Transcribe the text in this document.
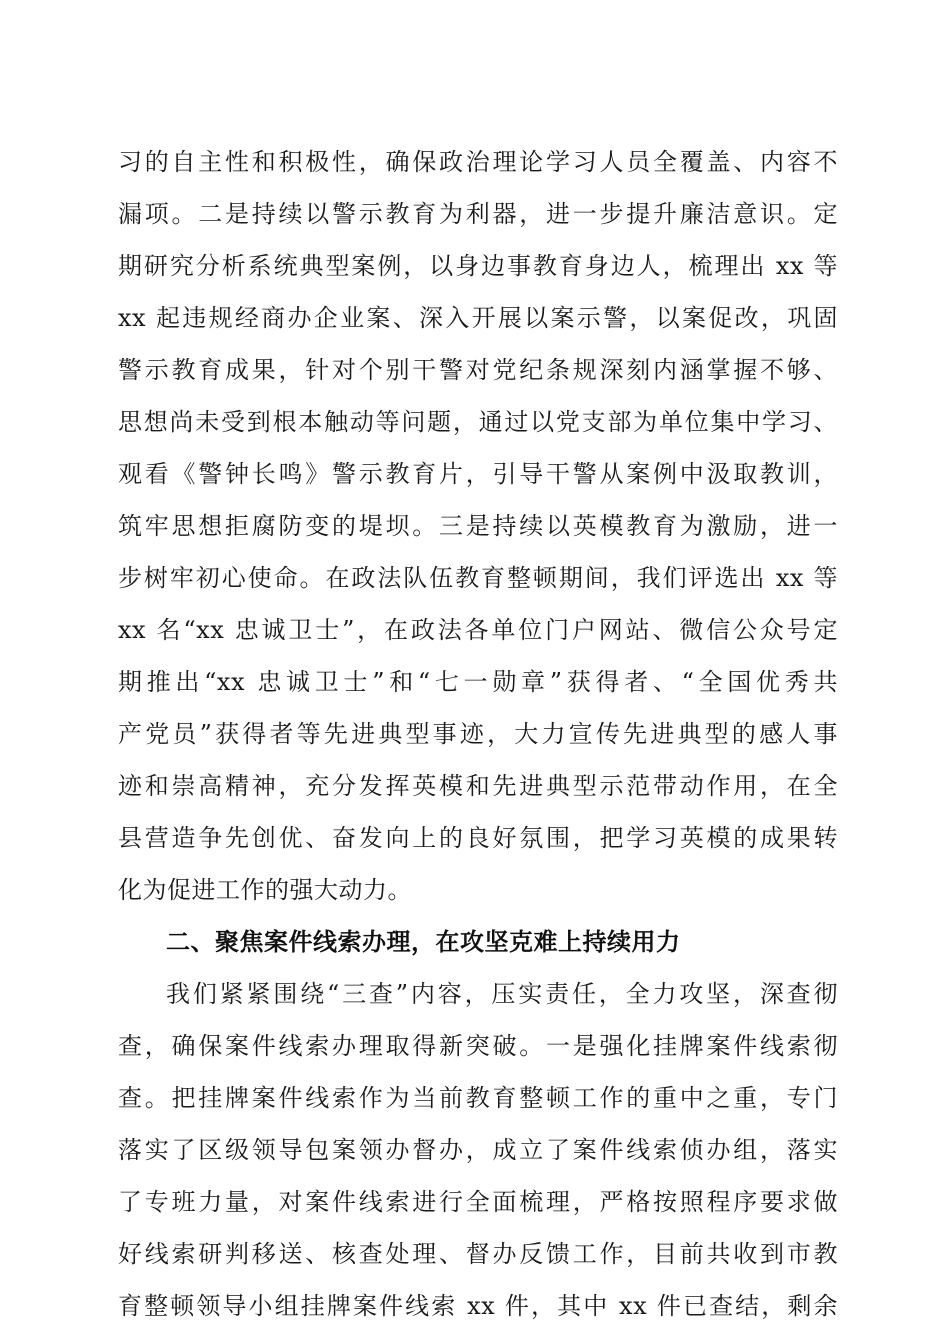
习的自主性和积极性，确保政治理论学习人员全覆盖、内容不
漏项。二是持续以警示教育为利器，进一步提升廉洁意识。定
期研究分析系统典型案例，以身边事教育身边人，梳理出 xx 等
xx 起违规经商办企业案、深入开展以案示警，以案促改，巩固
警示教育成果，针对个别干警对党纪条规深刻内涵掌握不够、
思想尚未受到根本触动等问题，通过以党支部为单位集中学习、
观看《警钟长鸣》警示教育片，引导干警从案例中汲取教训，
筑牢思想拒腐防变的堤坝。三是持续以英模教育为激励，进一
步树牢初心使命。在政法队伍教育整顿期间，我们评选出 xx 等
xx 名“xx 忠诚卫士”，在政法各单位门户网站、微信公众号定
期推出“xx 忠诚卫士”和“七一勋章”获得者、“全国优秀共
产党员”获得者等先进典型事迹，大力宣传先进典型的感人事
迹和崇高精神，充分发挥英模和先进典型示范带动作用，在全
县营造争先创优、奋发向上的良好氛围，把学习英模的成果转
化为促进工作的强大动力。
二、聚焦案件线索办理，在攻坚克难上持续用力
我们紧紧围绕“三查”内容，压实责任，全力攻坚，深查彻
查，确保案件线索办理取得新突破。一是强化挂牌案件线索彻
查。把挂牌案件线索作为当前教育整顿工作的重中之重，专门
落实了区级领导包案领办督办，成立了案件线索侦办组，落实
了专班力量，对案件线索进行全面梳理，严格按照程序要求做
好线索研判移送、核查处理、督办反馈工作，目前共收到市教
育整顿领导小组挂牌案件线索 xx 件，其中 xx 件已查结，剩余
